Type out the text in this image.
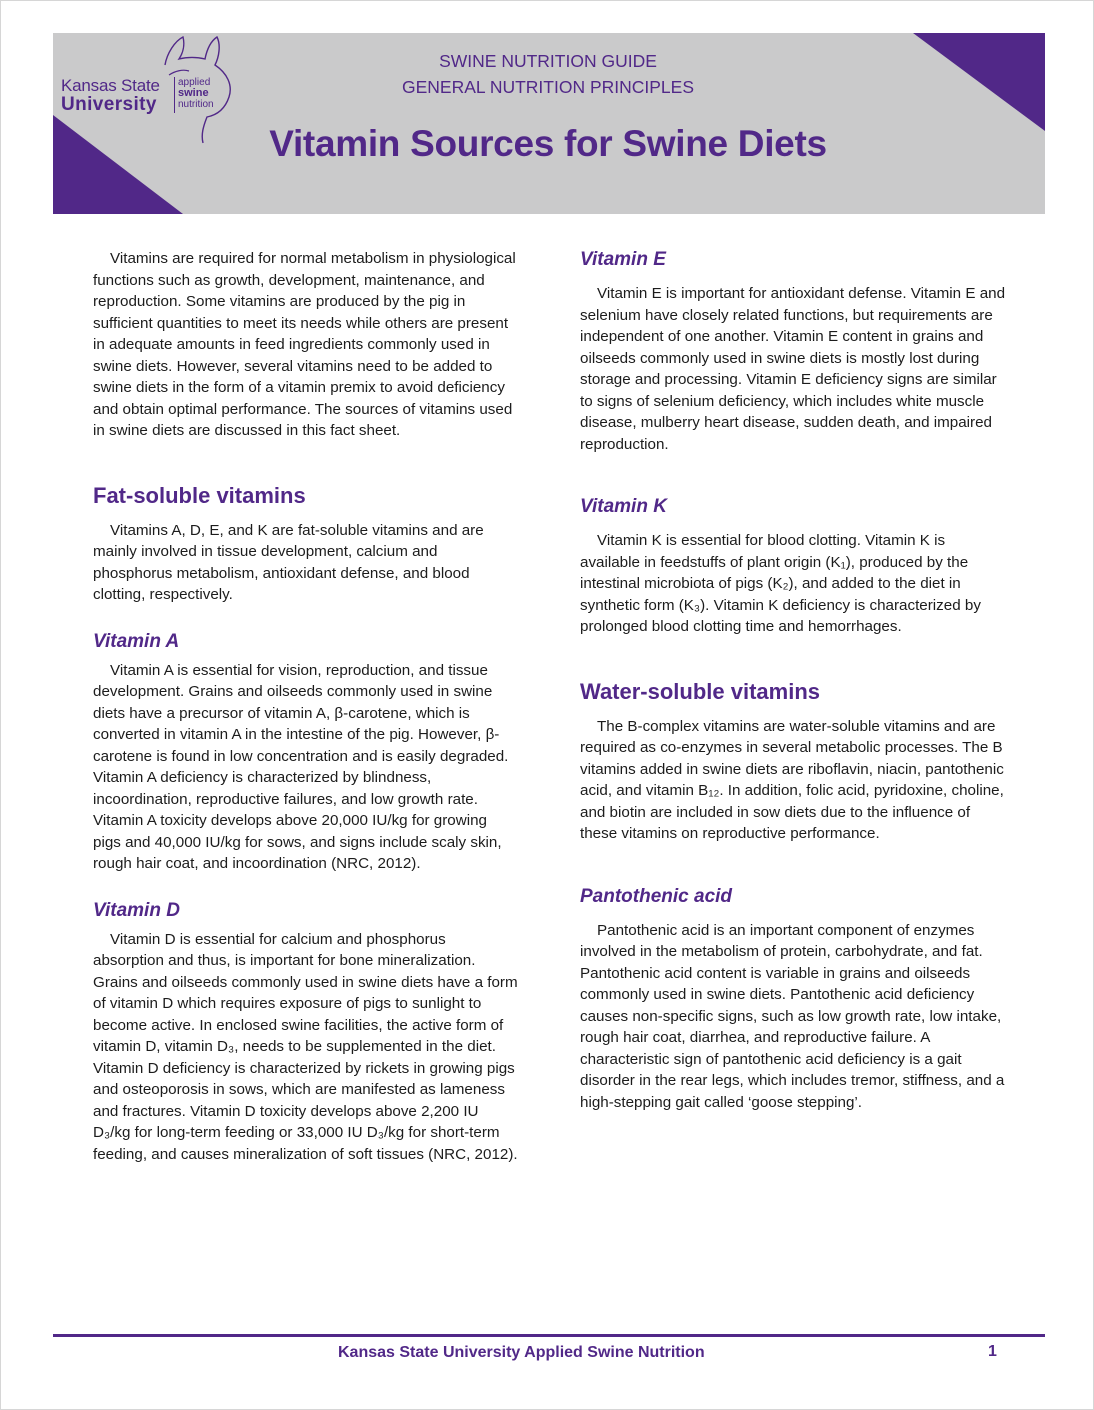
Kansas State
University
applied
swine
nutrition
SWINE NUTRITION GUIDE
GENERAL NUTRITION PRINCIPLES
Vitamin Sources for Swine Diets

Vitamins are required for normal metabolism in physiological functions such as growth, development, maintenance, and reproduction. Some vitamins are produced by the pig in sufficient quantities to meet its needs while others are present in adequate amounts in feed ingredients commonly used in swine diets. However, several vitamins need to be added to swine diets in the form of a vitamin premix to avoid deficiency and obtain optimal performance. The sources of vitamins used in swine diets are discussed in this fact sheet.

Fat-soluble vitamins

Vitamins A, D, E, and K are fat-soluble vitamins and are mainly involved in tissue development, calcium and phosphorus metabolism, antioxidant defense, and blood clotting, respectively.

Vitamin A

Vitamin A is essential for vision, reproduction, and tissue development. Grains and oilseeds commonly used in swine diets have a precursor of vitamin A, β-carotene, which is converted in vitamin A in the intestine of the pig. However, β-carotene is found in low concentration and is easily degraded. Vitamin A deficiency is characterized by blindness, incoordination, reproductive failures, and low growth rate. Vitamin A toxicity develops above 20,000 IU/kg for growing pigs and 40,000 IU/kg for sows, and signs include scaly skin, rough hair coat, and incoordination (NRC, 2012).

Vitamin D

Vitamin D is essential for calcium and phosphorus absorption and thus, is important for bone mineralization. Grains and oilseeds commonly used in swine diets have a form of vitamin D which requires exposure of pigs to sunlight to become active. In enclosed swine facilities, the active form of vitamin D, vitamin D₃, needs to be supplemented in the diet. Vitamin D deficiency is characterized by rickets in growing pigs and osteoporosis in sows, which are manifested as lameness and fractures. Vitamin D toxicity develops above 2,200 IU D₃/kg for long-term feeding or 33,000 IU D₃/kg for short-term feeding, and causes mineralization of soft tissues (NRC, 2012).

Vitamin E

Vitamin E is important for antioxidant defense. Vitamin E and selenium have closely related functions, but requirements are independent of one another. Vitamin E content in grains and oilseeds commonly used in swine diets is mostly lost during storage and processing. Vitamin E deficiency signs are similar to signs of selenium deficiency, which includes white muscle disease, mulberry heart disease, sudden death, and impaired reproduction.

Vitamin K

Vitamin K is essential for blood clotting. Vitamin K is available in feedstuffs of plant origin (K₁), produced by the intestinal microbiota of pigs (K₂), and added to the diet in synthetic form (K₃). Vitamin K deficiency is characterized by prolonged blood clotting time and hemorrhages.

Water-soluble vitamins

The B-complex vitamins are water-soluble vitamins and are required as co-enzymes in several metabolic processes. The B vitamins added in swine diets are riboflavin, niacin, pantothenic acid, and vitamin B₁₂. In addition, folic acid, pyridoxine, choline, and biotin are included in sow diets due to the influence of these vitamins on reproductive performance.

Pantothenic acid

Pantothenic acid is an important component of enzymes involved in the metabolism of protein, carbohydrate, and fat. Pantothenic acid content is variable in grains and oilseeds commonly used in swine diets. Pantothenic acid deficiency causes non-specific signs, such as low growth rate, low intake, rough hair coat, diarrhea, and reproductive failure. A characteristic sign of pantothenic acid deficiency is a gait disorder in the rear legs, which includes tremor, stiffness, and a high-stepping gait called ‘goose stepping’.

Kansas State University Applied Swine Nutrition	1
